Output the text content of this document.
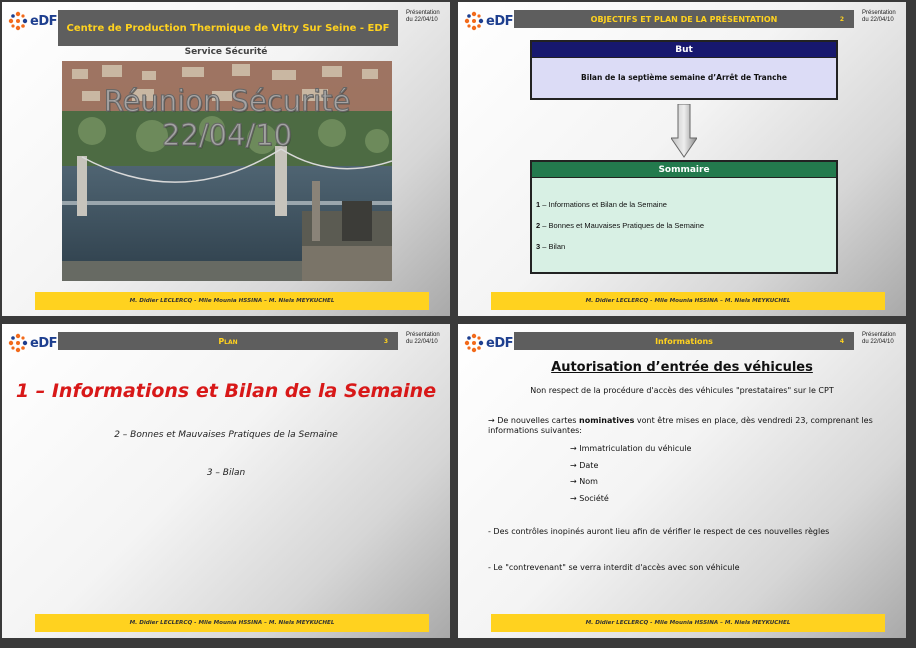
eDF Centre de Production Thermique de Vitry Sur Seine - EDF
Présentation
du 22/04/10
Service Sécurité
Réunion Sécurité
22/04/10
M. Didier LECLERCQ - Mlle Mounia HSSINA – M. Niels MEYKUCHEL
eDF	OBJECTIFS ET PLAN DE LA PRÉSENTATION	2
Présentation
du 22/04/10
But
Bilan de la septième semaine d’Arrêt de Tranche
Sommaire
1 – Informations et Bilan de la Semaine
2 – Bonnes et Mauvaises Pratiques de la Semaine
3 – Bilan
M. Didier LECLERCQ - Mlle Mounia HSSINA – M. Niels MEYKUCHEL
eDF	Plan	3
Présentation
du 22/04/10
1 – Informations et Bilan de la Semaine
2 – Bonnes et Mauvaises Pratiques de la Semaine
3 – Bilan
M. Didier LECLERCQ - Mlle Mounia HSSINA – M. Niels MEYKUCHEL
eDF	Informations	4
Présentation
du 22/04/10
Autorisation d’entrée des véhicules
Non respect de la procédure d'accès des véhicules "prestataires" sur le CPT
→ De nouvelles cartes nominatives vont être mises en place, dès vendredi 23, comprenant les informations suivantes:
→ Immatriculation du véhicule
→ Date
→ Nom
→ Société
- Des contrôles inopinés auront lieu afin de vérifier le respect de ces nouvelles règles
- Le "contrevenant" se verra interdit d'accès avec son véhicule
M. Didier LECLERCQ - Mlle Mounia HSSINA – M. Niels MEYKUCHEL
